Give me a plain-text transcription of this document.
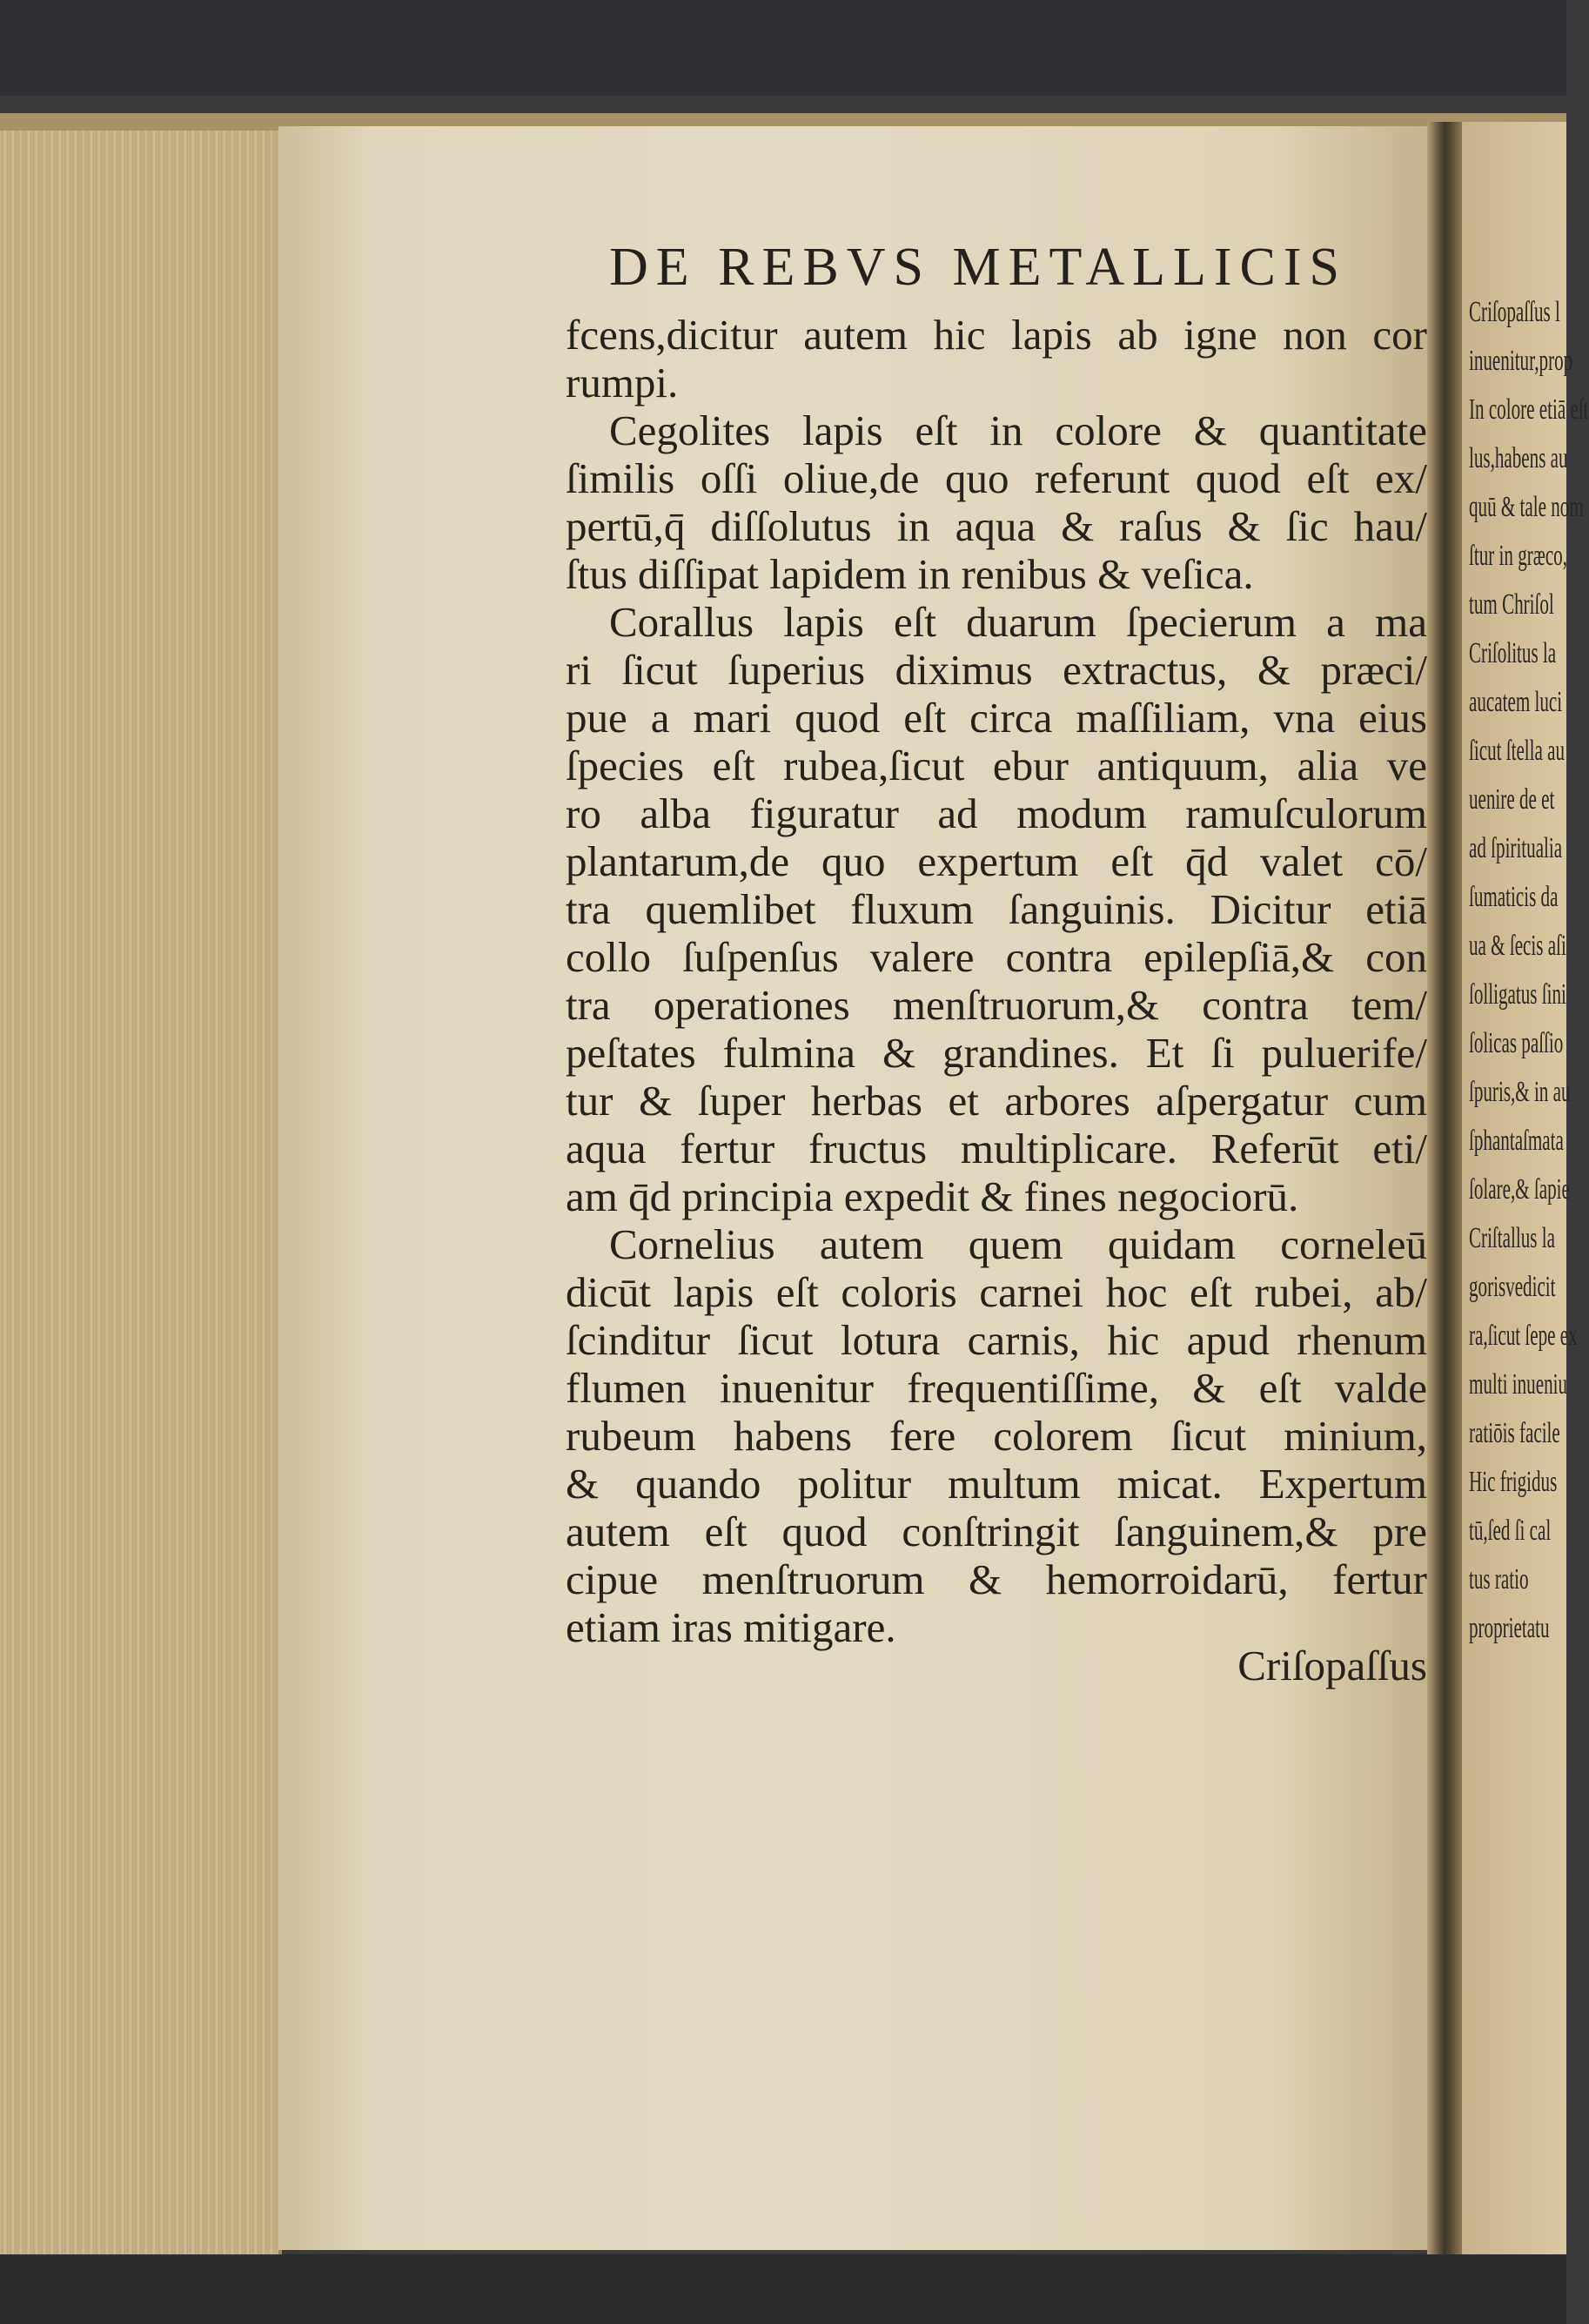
Criſopaſſus l
inuenitur,prop
In colore etiā eſt
lus,habens au
quū & tale nom
ſtur in græco,
tum Chriſol
Criſolitus la
aucatem luci
ſicut ſtella au
uenire de et
ad ſpiritualia
ſumaticis da
ua & ſecis aſi
ſolligatus ſini
ſolicas paſſio
ſpuris,& in au
ſphantaſmata
ſolare,& ſapie
Criſtallus la
gorisvedicit
ra,ſicut ſepe ex
multi inueniu
ratiōis facile
Hic frigidus
tū,ſed ſi cal
tus ratio
proprietatu
DE REBVS METALLICIS
fcens,dicitur autem hic lapis ab igne non cor
rumpi.
Cegolites lapis eſt in colore & quantitate
ſimilis oſſi oliue,de quo referunt quod eſt ex/
pertū,q̄ diſſolutus in aqua & raſus & ſic hau/
ſtus diſſipat lapidem in renibus & veſica.
Corallus lapis eſt duarum ſpecierum a ma
ri ſicut ſuperius diximus extractus, & præci/
pue a mari quod eſt circa maſſiliam, vna eius
ſpecies eſt rubea,ſicut ebur antiquum, alia ve
ro alba figuratur ad modum ramuſculorum
plantarum,de quo expertum eſt q̄d valet cō/
tra quemlibet fluxum ſanguinis. Dicitur etiā
collo ſuſpenſus valere contra epilepſiā,& con
tra operationes menſtruorum,& contra tem/
peſtates fulmina & grandines. Et ſi puluerife/
tur & ſuper herbas et arbores aſpergatur cum
aqua fertur fructus multiplicare. Referūt eti/
am q̄d principia expedit & fines negociorū.
Cornelius autem quem quidam corneleū
dicūt lapis eſt coloris carnei hoc eſt rubei, ab/
ſcinditur ſicut lotura carnis, hic apud rhenum
flumen inuenitur frequentiſſime, & eſt valde
rubeum habens fere colorem ſicut minium,
& quando politur multum micat. Expertum
autem eſt quod conſtringit ſanguinem,& pre
cipue menſtruorum & hemorroidarū, fertur
etiam iras mitigare.
Criſopaſſus
